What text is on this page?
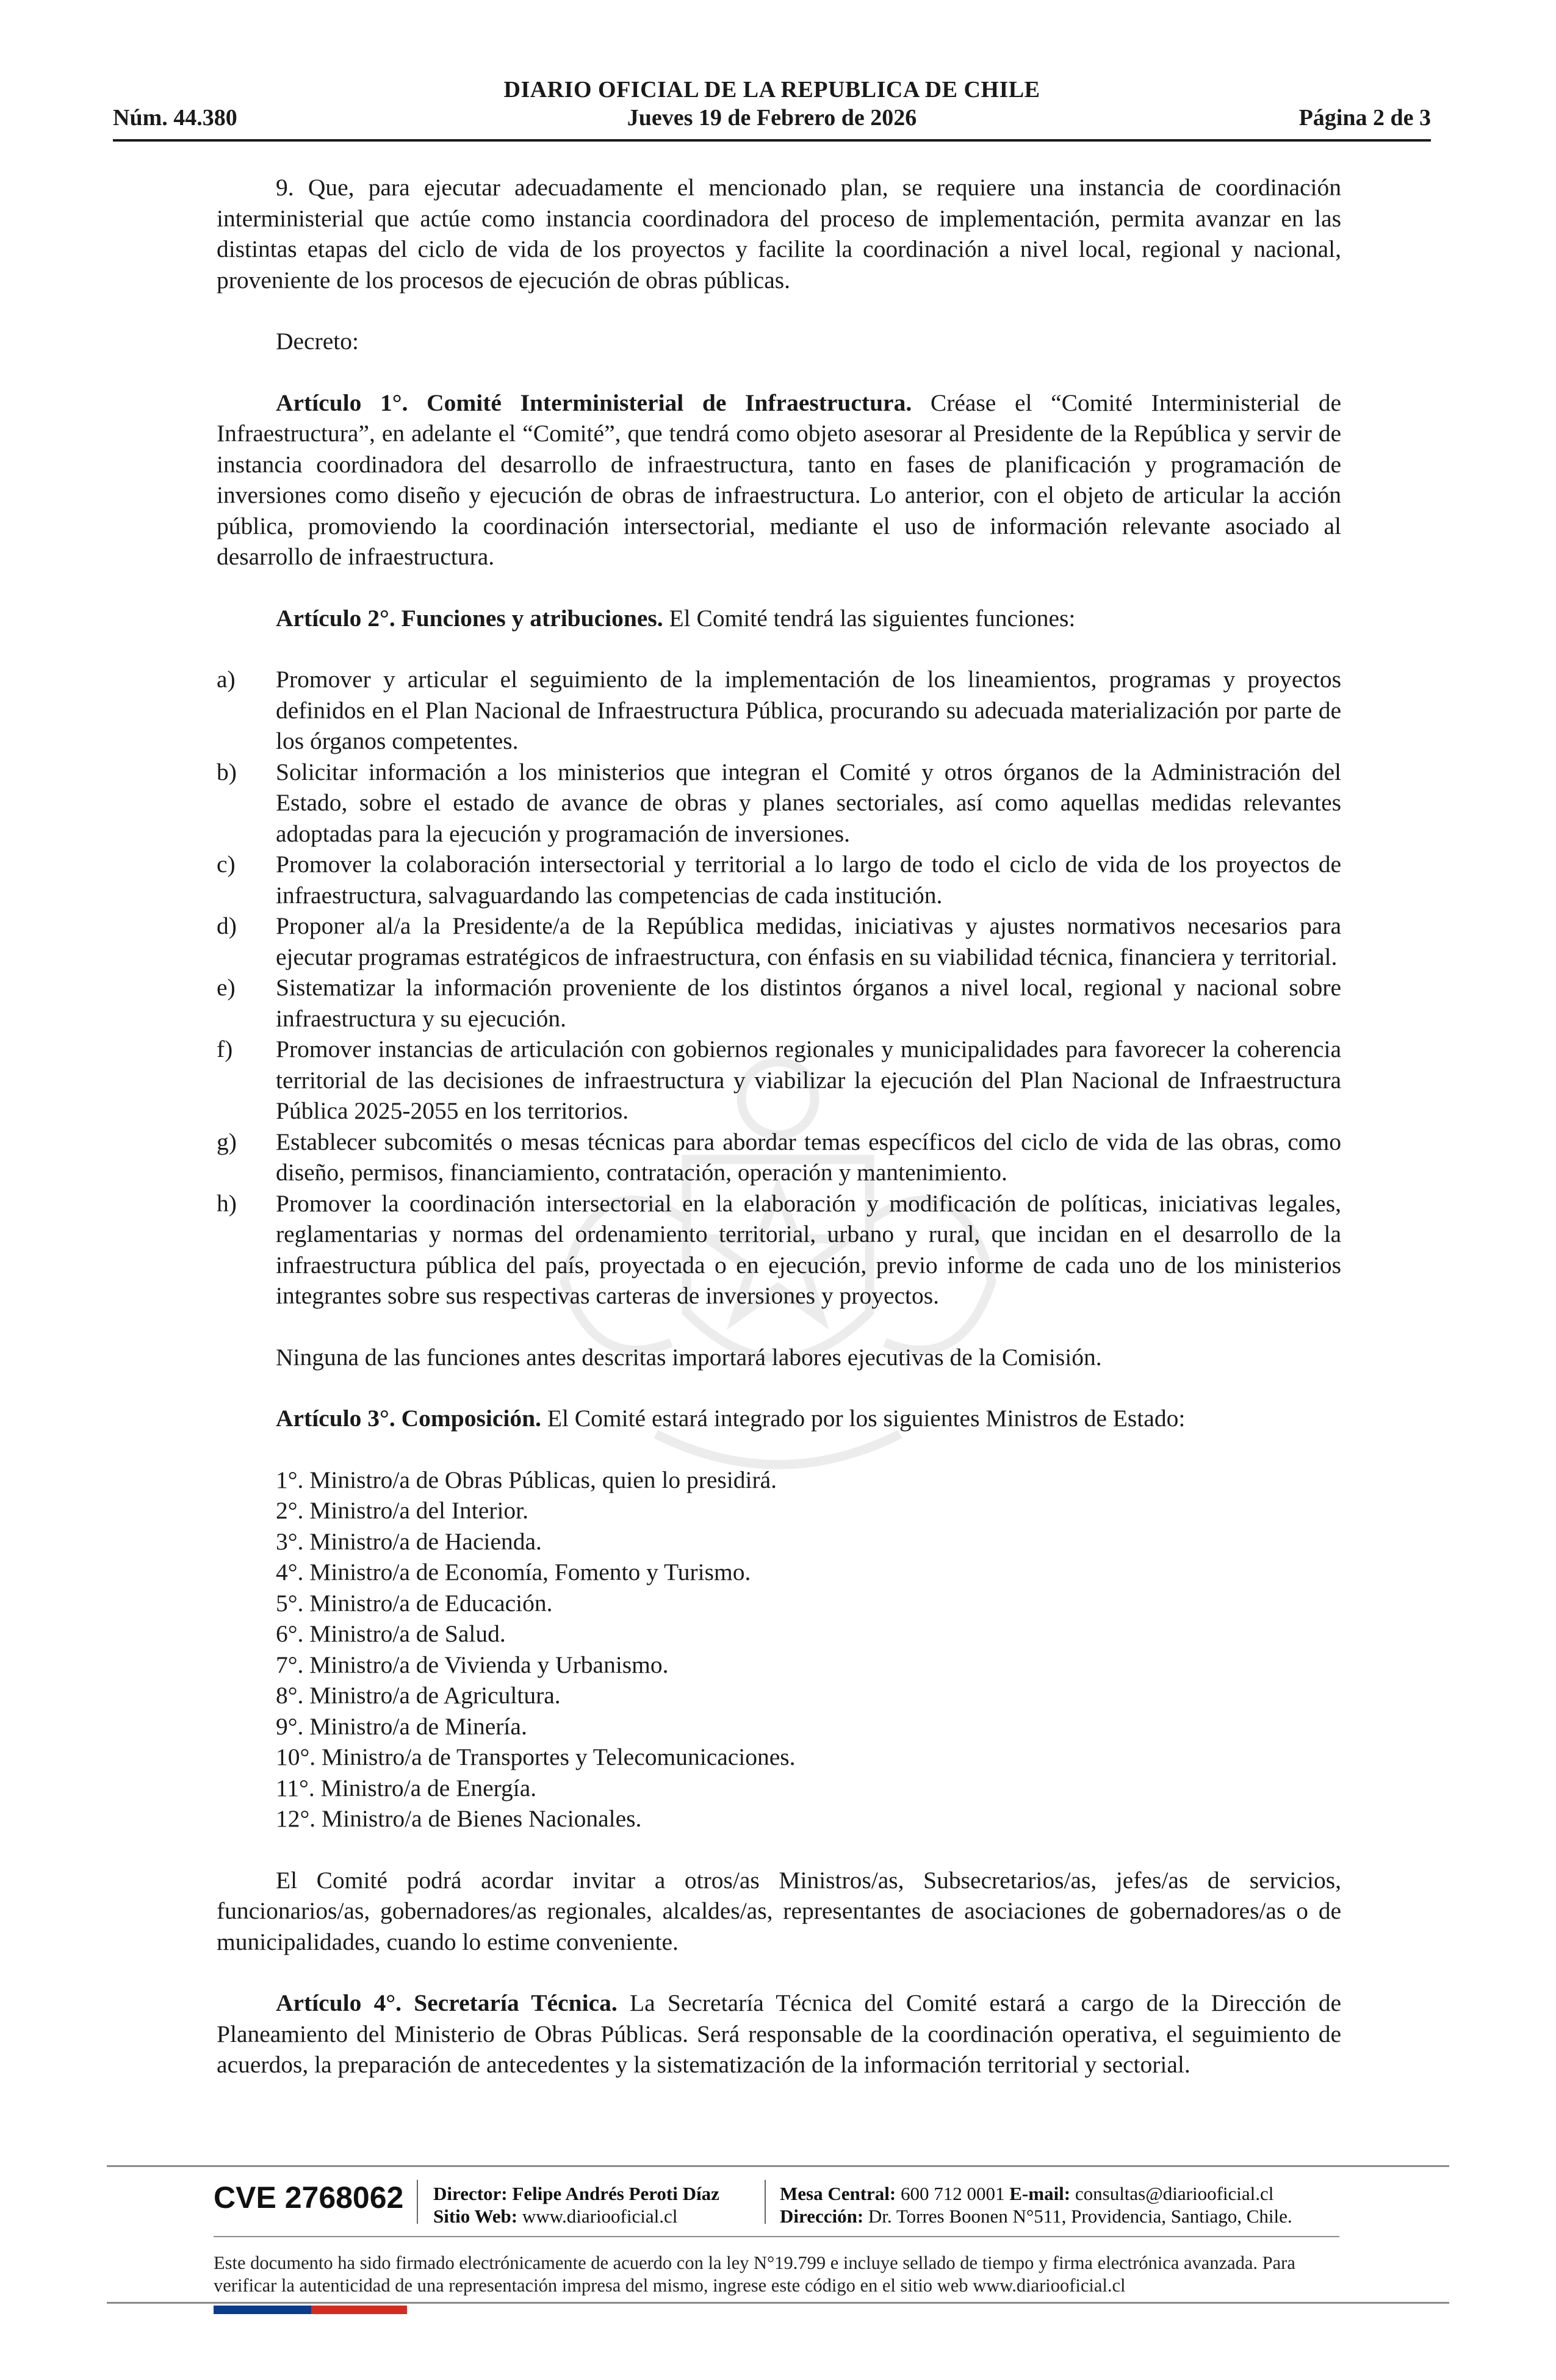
DIARIO OFICIAL DE LA REPUBLICA DE CHILE
Núm. 44.380	Jueves 19 de Febrero de 2026	Página 2 de 3

9. Que, para ejecutar adecuadamente el mencionado plan, se requiere una instancia de coordinación interministerial que actúe como instancia coordinadora del proceso de implementación, permita avanzar en las distintas etapas del ciclo de vida de los proyectos y facilite la coordinación a nivel local, regional y nacional, proveniente de los procesos de ejecución de obras públicas.

Decreto:

Artículo 1°. Comité Interministerial de Infraestructura. Créase el “Comité Interministerial de Infraestructura”, en adelante el “Comité”, que tendrá como objeto asesorar al Presidente de la República y servir de instancia coordinadora del desarrollo de infraestructura, tanto en fases de planificación y programación de inversiones como diseño y ejecución de obras de infraestructura. Lo anterior, con el objeto de articular la acción pública, promoviendo la coordinación intersectorial, mediante el uso de información relevante asociado al desarrollo de infraestructura.

Artículo 2°. Funciones y atribuciones. El Comité tendrá las siguientes funciones:

a) Promover y articular el seguimiento de la implementación de los lineamientos, programas y proyectos definidos en el Plan Nacional de Infraestructura Pública, procurando su adecuada materialización por parte de los órganos competentes.
b) Solicitar información a los ministerios que integran el Comité y otros órganos de la Administración del Estado, sobre el estado de avance de obras y planes sectoriales, así como aquellas medidas relevantes adoptadas para la ejecución y programación de inversiones.
c) Promover la colaboración intersectorial y territorial a lo largo de todo el ciclo de vida de los proyectos de infraestructura, salvaguardando las competencias de cada institución.
d) Proponer al/a la Presidente/a de la República medidas, iniciativas y ajustes normativos necesarios para ejecutar programas estratégicos de infraestructura, con énfasis en su viabilidad técnica, financiera y territorial.
e) Sistematizar la información proveniente de los distintos órganos a nivel local, regional y nacional sobre infraestructura y su ejecución.
f) Promover instancias de articulación con gobiernos regionales y municipalidades para favorecer la coherencia territorial de las decisiones de infraestructura y viabilizar la ejecución del Plan Nacional de Infraestructura Pública 2025-2055 en los territorios.
g) Establecer subcomités o mesas técnicas para abordar temas específicos del ciclo de vida de las obras, como diseño, permisos, financiamiento, contratación, operación y mantenimiento.
h) Promover la coordinación intersectorial en la elaboración y modificación de políticas, iniciativas legales, reglamentarias y normas del ordenamiento territorial, urbano y rural, que incidan en el desarrollo de la infraestructura pública del país, proyectada o en ejecución, previo informe de cada uno de los ministerios integrantes sobre sus respectivas carteras de inversiones y proyectos.

Ninguna de las funciones antes descritas importará labores ejecutivas de la Comisión.

Artículo 3°. Composición. El Comité estará integrado por los siguientes Ministros de Estado:

1°. Ministro/a de Obras Públicas, quien lo presidirá.
2°. Ministro/a del Interior.
3°. Ministro/a de Hacienda.
4°. Ministro/a de Economía, Fomento y Turismo.
5°. Ministro/a de Educación.
6°. Ministro/a de Salud.
7°. Ministro/a de Vivienda y Urbanismo.
8°. Ministro/a de Agricultura.
9°. Ministro/a de Minería.
10°. Ministro/a de Transportes y Telecomunicaciones.
11°. Ministro/a de Energía.
12°. Ministro/a de Bienes Nacionales.

El Comité podrá acordar invitar a otros/as Ministros/as, Subsecretarios/as, jefes/as de servicios, funcionarios/as, gobernadores/as regionales, alcaldes/as, representantes de asociaciones de gobernadores/as o de municipalidades, cuando lo estime conveniente.

Artículo 4°. Secretaría Técnica. La Secretaría Técnica del Comité estará a cargo de la Dirección de Planeamiento del Ministerio de Obras Públicas. Será responsable de la coordinación operativa, el seguimiento de acuerdos, la preparación de antecedentes y la sistematización de la información territorial y sectorial.

CVE 2768062 Director: Felipe Andrés Peroti Díaz
Sitio Web: www.diariooficial.cl
Mesa Central: 600 712 0001 E-mail: consultas@diariooficial.cl
Dirección: Dr. Torres Boonen N°511, Providencia, Santiago, Chile.
Este documento ha sido firmado electrónicamente de acuerdo con la ley N°19.799 e incluye sellado de tiempo y firma electrónica avanzada. Para verificar la autenticidad de una representación impresa del mismo, ingrese este código en el sitio web www.diariooficial.cl
